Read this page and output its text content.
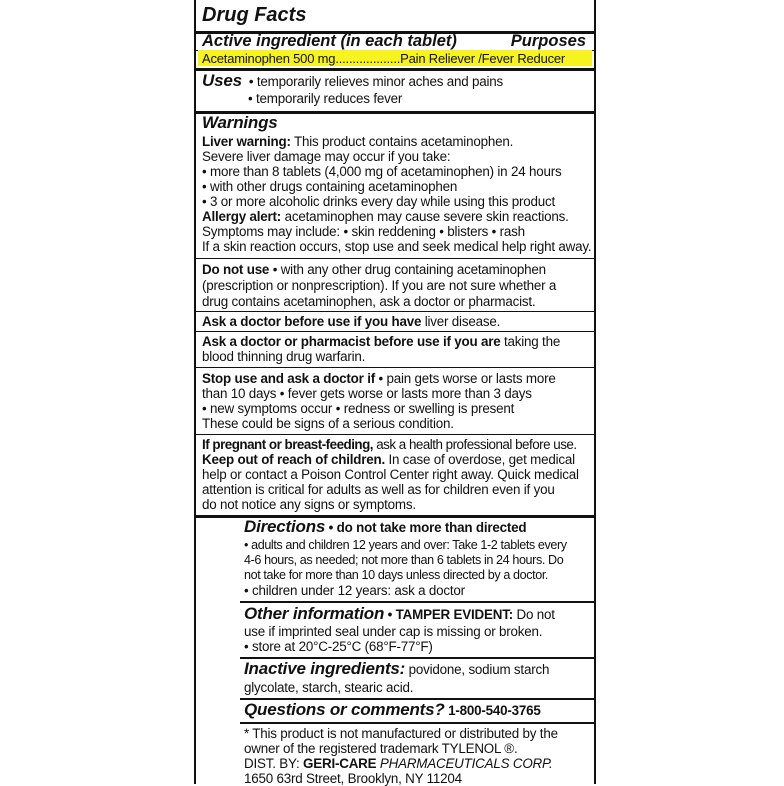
Drug Facts
Active ingredient (in each tablet)	Purposes
Acetaminophen 500 mg...................Pain Reliever /Fever Reducer
Uses • temporarily relieves minor aches and pains
• temporarily reduces fever
Warnings
Liver warning: This product contains acetaminophen.
Severe liver damage may occur if you take:
• more than 8 tablets (4,000 mg of acetaminophen) in 24 hours
• with other drugs containing acetaminophen
• 3 or more alcoholic drinks every day while using this product
Allergy alert: acetaminophen may cause severe skin reactions.
Symptoms may include: • skin reddening • blisters • rash
If a skin reaction occurs, stop use and seek medical help right away.
Do not use • with any other drug containing acetaminophen
(prescription or nonprescription). If you are not sure whether a
drug contains acetaminophen, ask a doctor or pharmacist.
Ask a doctor before use if you have liver disease.
Ask a doctor or pharmacist before use if you are taking the
blood thinning drug warfarin.
Stop use and ask a doctor if • pain gets worse or lasts more
than 10 days • fever gets worse or lasts more than 3 days
• new symptoms occur • redness or swelling is present
These could be signs of a serious condition.
If pregnant or breast-feeding, ask a health professional before use.
Keep out of reach of children. In case of overdose, get medical
help or contact a Poison Control Center right away. Quick medical
attention is critical for adults as well as for children even if you
do not notice any signs or symptoms.
Directions • do not take more than directed
• adults and children 12 years and over: Take 1-2 tablets every
4-6 hours, as needed; not more than 6 tablets in 24 hours. Do
not take for more than 10 days unless directed by a doctor.
• children under 12 years: ask a doctor
Other information • TAMPER EVIDENT: Do not
use if imprinted seal under cap is missing or broken.
• store at 20°C-25°C (68°F-77°F)
Inactive ingredients: povidone, sodium starch
glycolate, starch, stearic acid.
Questions or comments? 1-800-540-3765
* This product is not manufactured or distributed by the
owner of the registered trademark TYLENOL ®.
DIST. BY: GERI-CARE PHARMACEUTICALS CORP.
1650 63rd Street, Brooklyn, NY 11204
